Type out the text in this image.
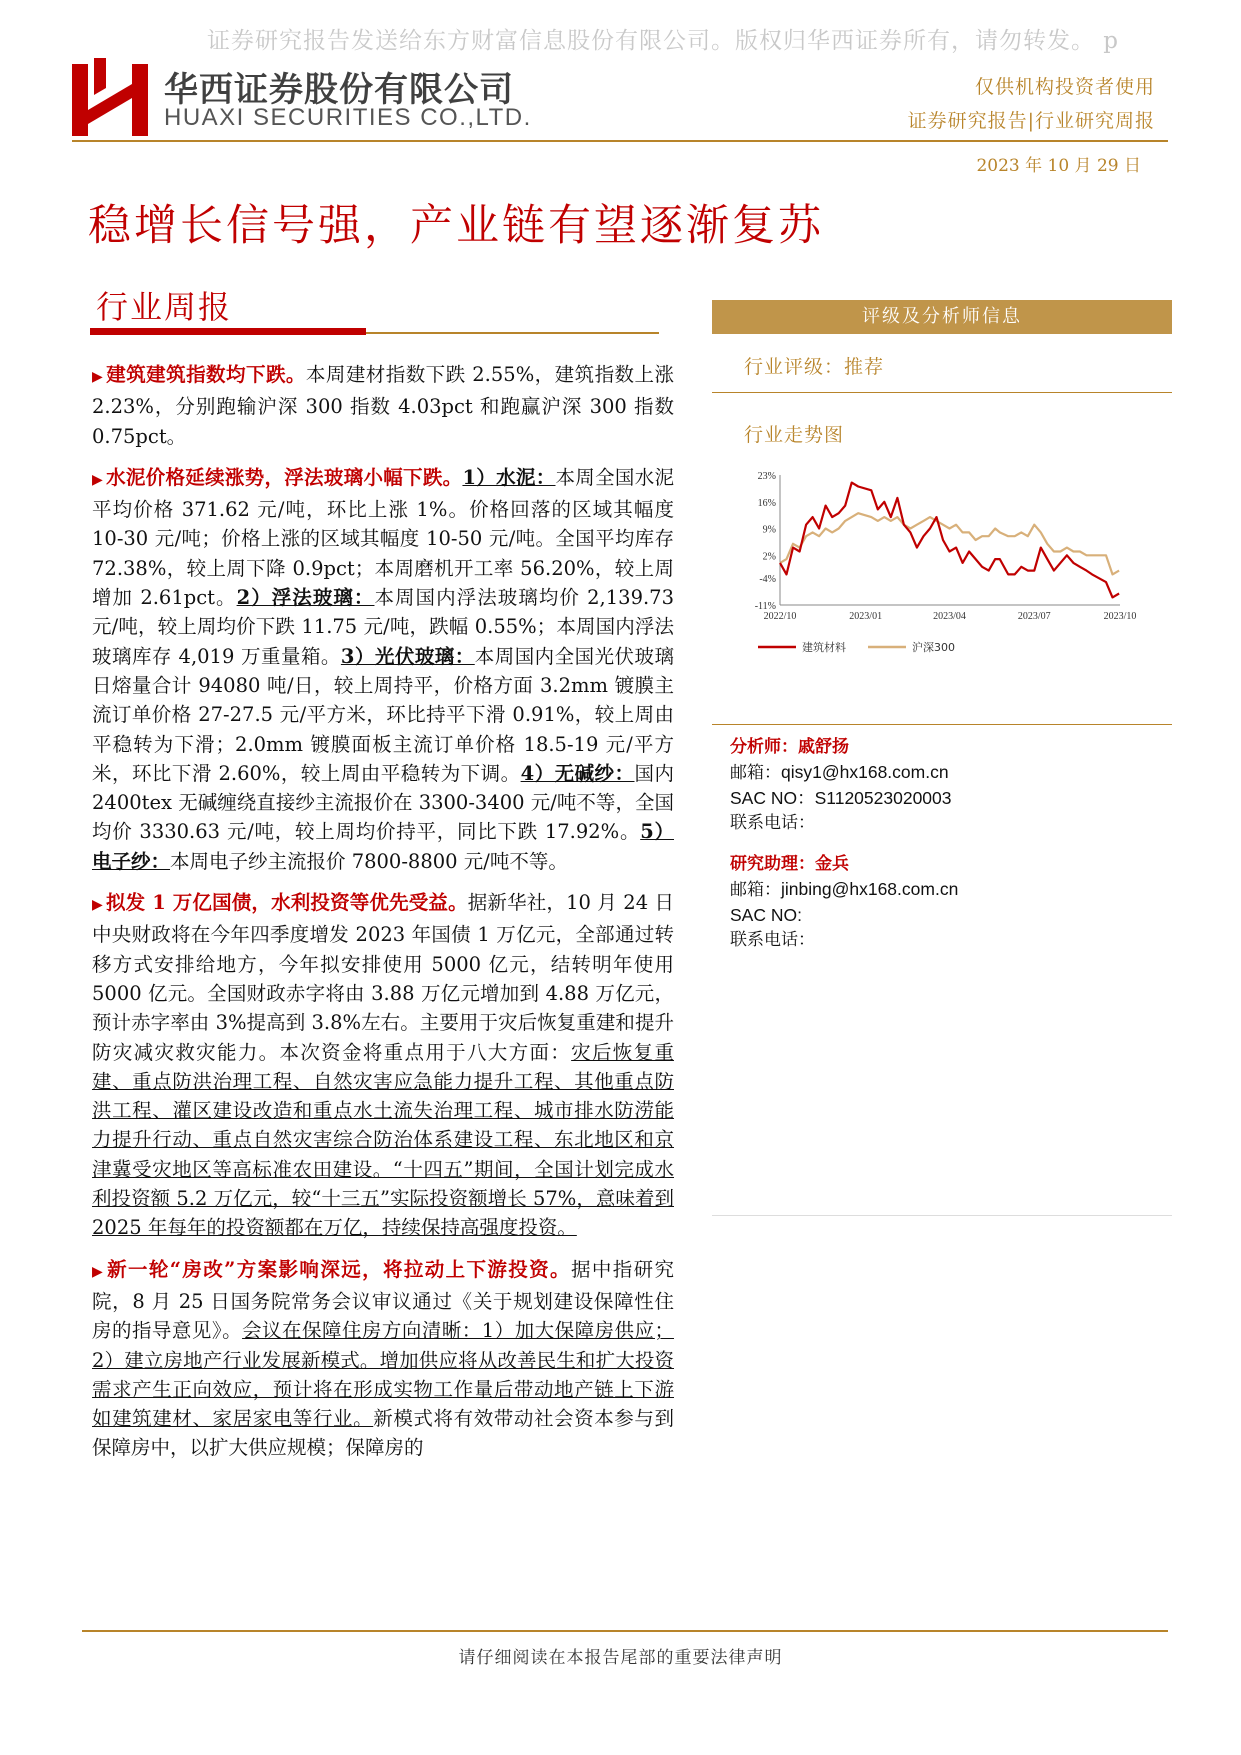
证券研究报告发送给东方财富信息股份有限公司。版权归华西证券所有，请勿转发。 p
华西证券股份有限公司
HUAXI SECURITIES CO.,LTD.
仅供机构投资者使用
证券研究报告|行业研究周报
2023 年 10 月 29 日
稳增长信号强，产业链有望逐渐复苏
行业周报

▶ 建筑建筑指数均下跌。本周建材指数下跌 2.55%，建筑指数上涨 2.23%，分别跑输沪深 300 指数 4.03pct 和跑赢沪深 300 指数 0.75pct。

▶ 水泥价格延续涨势，浮法玻璃小幅下跌。1）水泥：本周全国水泥平均价格 371.62 元/吨，环比上涨 1%。价格回落的区域其幅度 10-30 元/吨；价格上涨的区域其幅度 10-50 元/吨。全国平均库存 72.38%，较上周下降 0.9pct；本周磨机开工率 56.20%，较上周增加 2.61pct。2）浮法玻璃：本周国内浮法玻璃均价 2,139.73 元/吨，较上周均价下跌 11.75 元/吨，跌幅 0.55%；本周国内浮法玻璃库存 4,019 万重量箱。3）光伏玻璃：本周国内全国光伏玻璃日熔量合计 94080 吨/日，较上周持平，价格方面 3.2mm 镀膜主流订单价格 27-27.5 元/平方米，环比持平下滑 0.91%，较上周由平稳转为下滑；2.0mm 镀膜面板主流订单价格 18.5-19 元/平方米，环比下滑 2.60%，较上周由平稳转为下调。4）无碱纱：国内 2400tex 无碱缠绕直接纱主流报价在 3300-3400 元/吨不等，全国均价 3330.63 元/吨，较上周均价持平，同比下跌 17.92%。5）电子纱：本周电子纱主流报价 7800-8800 元/吨不等。

▶ 拟发 1 万亿国债，水利投资等优先受益。据新华社，10 月 24 日中央财政将在今年四季度增发 2023 年国债 1 万亿元，全部通过转移方式安排给地方，今年拟安排使用 5000 亿元，结转明年使用 5000 亿元。全国财政赤字将由 3.88 万亿元增加到 4.88 万亿元，预计赤字率由 3%提高到 3.8%左右。主要用于灾后恢复重建和提升防灾减灾救灾能力。本次资金将重点用于八大方面：灾后恢复重建、重点防洪治理工程、自然灾害应急能力提升工程、其他重点防洪工程、灌区建设改造和重点水土流失治理工程、城市排水防涝能力提升行动、重点自然灾害综合防治体系建设工程、东北地区和京津冀受灾地区等高标准农田建设。“十四五”期间，全国计划完成水利投资额 5.2 万亿元，较“十三五”实际投资额增长 57%，意味着到 2025 年每年的投资额都在万亿，持续保持高强度投资。

▶ 新一轮“房改”方案影响深远，将拉动上下游投资。据中指研究院，8 月 25 日国务院常务会议审议通过《关于规划建设保障性住房的指导意见》。会议在保障住房方向清晰：1）加大保障房供应；2）建立房地产行业发展新模式。增加供应将从改善民生和扩大投资需求产生正向效应，预计将在形成实物工作量后带动地产链上下游如建筑建材、家居家电等行业。新模式将有效带动社会资本参与到保障房中，以扩大供应规模；保障房的

评级及分析师信息
行业评级：推荐
行业走势图
23%
16%
9%
2%
-4%
-11%
2022/10	2023/01	2023/04	2023/07	2023/10
建筑材料	沪深300
分析师：戚舒扬
邮箱：qisy1@hx168.com.cn
SAC NO：S1120523020003
联系电话：
研究助理：金兵
邮箱：jinbing@hx168.com.cn
SAC NO:
联系电话：
请仔细阅读在本报告尾部的重要法律声明
